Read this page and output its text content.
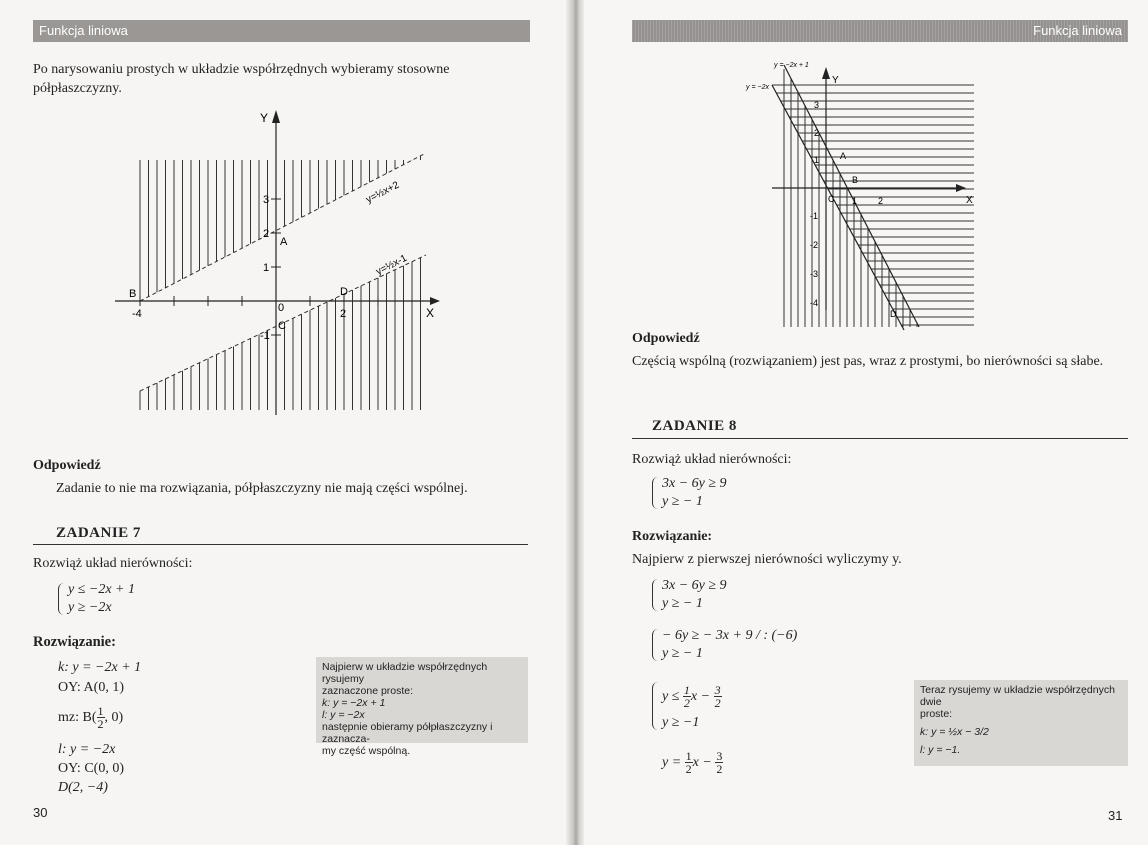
Funkcja liniowa
Po narysowaniu prostych w układzie współrzędnych wybieramy stosowne półpłaszczyzny.
Y
X
-4	0	2
1
2
3
-1
A
B
C
D
y=½x+2
y=½x-1
Odpowiedź
Zadanie to nie ma rozwiązania, półpłaszczyzny nie mają części wspólnej.
ZADANIE 7
Rozwiąż układ nierówności:
y ≤ −2x + 1
y ≥ −2x
Rozwiązanie:
k: y = −2x + 1
OY: A(0, 1)
mz: $B( \frac{1}{2}$ , 0)
l: y = −2x
OY: C(0, 0)
D(2, −4)
Najpierw w układzie współrzędnych rysujemy
zaznaczone proste:
k: y = −2x + 1
l: y = −2x
następnie obieramy półpłaszczyzny i zaznacza-
my część wspólną.
30
Funkcja liniowa
Y
X
y = −2x + 1
y = −2x
1 2
3
2
1
-1
-2
-3
-4
A
B
C
D
Odpowiedź
Częścią wspólną (rozwiązaniem) jest pas, wraz z prostymi, bo nierówności są słabe.
ZADANIE 8
Rozwiąż układ nierówności:
3x − 6y ≥ 9
y ≥ − 1
Rozwiązanie:
Najpierw z pierwszej nierówności wyliczymy y.
3x − 6y ≥ 9
y ≥ − 1
− 6y ≥ − 3x + 9 / : (−6)
y ≥ − 1
$y \le \frac{1}{2}$ $x - \frac{3}{2}$
y ≥ −1
$y = \frac{1}{2}$ $x - \frac{3}{2}$
Teraz rysujemy w układzie współrzędnych dwie
proste:
k: y = ½x − 3/2
l: y = −1.
31
